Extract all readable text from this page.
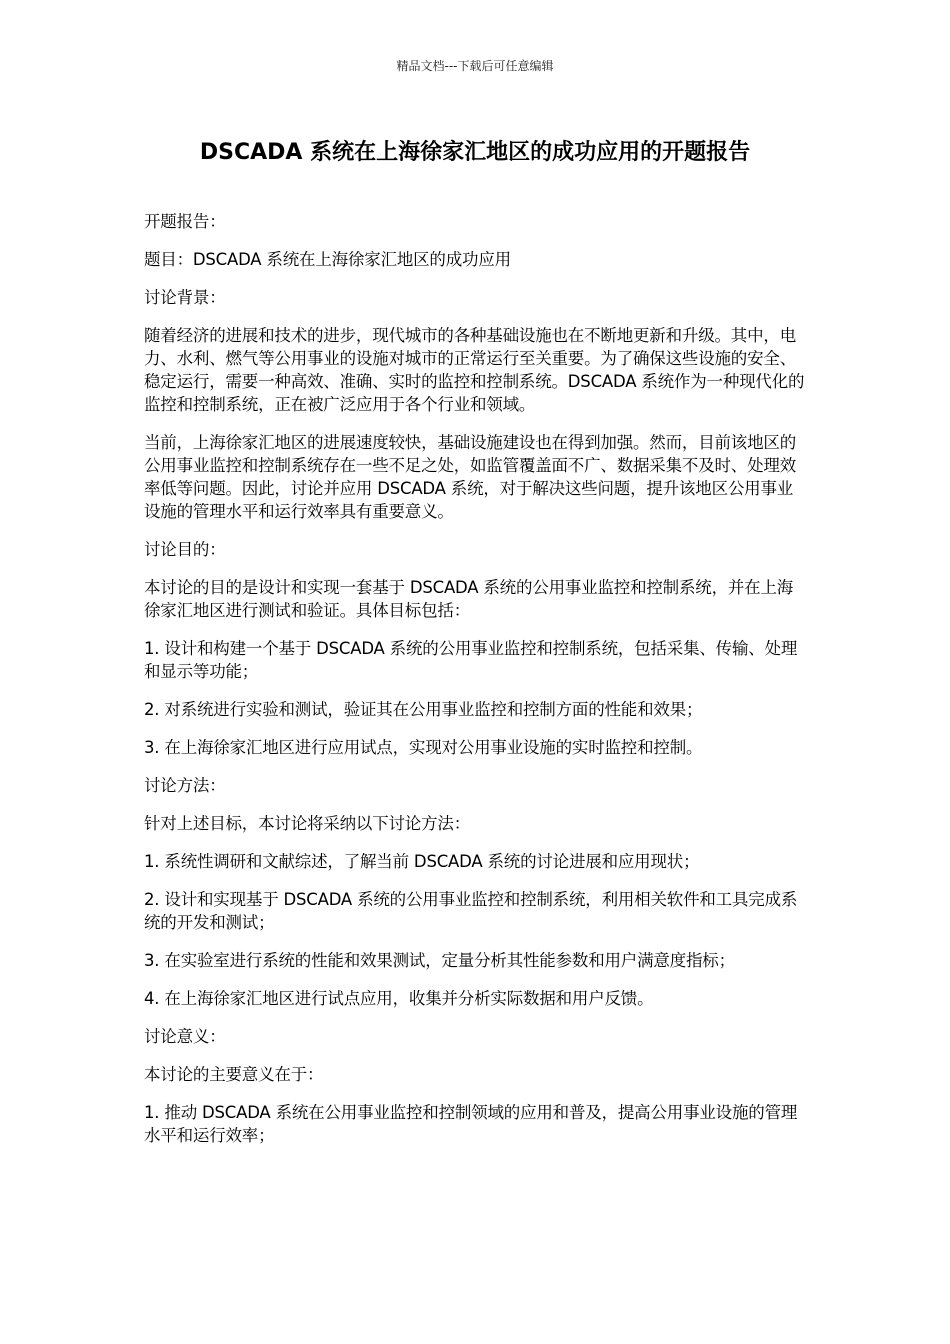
精品文档---下载后可任意编辑
DSCADA 系统在上海徐家汇地区的成功应用的开题报告

开题报告：

题目：DSCADA 系统在上海徐家汇地区的成功应用

讨论背景：

随着经济的进展和技术的进步，现代城市的各种基础设施也在不断地更新和升级。其中，电力、水利、燃气等公用事业的设施对城市的正常运行至关重要。为了确保这些设施的安全、稳定运行，需要一种高效、准确、实时的监控和控制系统。DSCADA 系统作为一种现代化的监控和控制系统，正在被广泛应用于各个行业和领域。

当前，上海徐家汇地区的进展速度较快，基础设施建设也在得到加强。然而，目前该地区的公用事业监控和控制系统存在一些不足之处，如监管覆盖面不广、数据采集不及时、处理效率低等问题。因此，讨论并应用 DSCADA 系统，对于解决这些问题，提升该地区公用事业设施的管理水平和运行效率具有重要意义。

讨论目的：

本讨论的目的是设计和实现一套基于 DSCADA 系统的公用事业监控和控制系统，并在上海徐家汇地区进行测试和验证。具体目标包括：

1. 设计和构建一个基于 DSCADA 系统的公用事业监控和控制系统，包括采集、传输、处理和显示等功能；

2. 对系统进行实验和测试，验证其在公用事业监控和控制方面的性能和效果；

3. 在上海徐家汇地区进行应用试点，实现对公用事业设施的实时监控和控制。

讨论方法：

针对上述目标，本讨论将采纳以下讨论方法：

1. 系统性调研和文献综述，了解当前 DSCADA 系统的讨论进展和应用现状；

2. 设计和实现基于 DSCADA 系统的公用事业监控和控制系统，利用相关软件和工具完成系统的开发和测试；

3. 在实验室进行系统的性能和效果测试，定量分析其性能参数和用户满意度指标；

4. 在上海徐家汇地区进行试点应用，收集并分析实际数据和用户反馈。

讨论意义：

本讨论的主要意义在于：

1. 推动 DSCADA 系统在公用事业监控和控制领域的应用和普及，提高公用事业设施的管理水平和运行效率；
